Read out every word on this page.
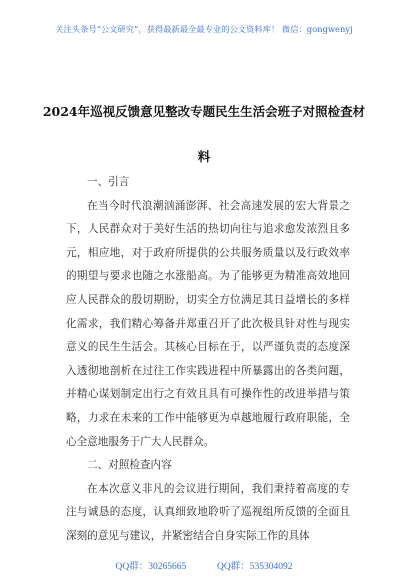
关注头条号“公文研究”，获得最新最全最专业的公文资料库！ 微信：gongwenyj
2024年巡视反馈意见整改专题民生生活会班子对照检查材
料

一、引言

在当今时代浪潮汹涌澎湃、社会高速发展的宏大背景之下，人民群众对于美好生活的热切向往与追求愈发浓烈且多元，相应地，对于政府所提供的公共服务质量以及行政效率的期望与要求也随之水涨船高。为了能够更为精准高效地回应人民群众的殷切期盼，切实全方位满足其日益增长的多样化需求，我们精心筹备并郑重召开了此次极具针对性与现实意义的民生生活会。其核心目标在于，以严谨负责的态度深入透彻地剖析在过往工作实践进程中所暴露出的各类问题，并精心谋划制定出行之有效且具有可操作性的改进举措与策略，力求在未来的工作中能够更为卓越地履行政府职能，全心全意地服务于广大人民群众。

二、对照检查内容

在本次意义非凡的会议进行期间，我们秉持着高度的专注与诚恳的态度，认真细致地聆听了巡视组所反馈的全面且深刻的意见与建议，并紧密结合自身实际工作的具体

QQ群：30265665	QQ群：535304092
